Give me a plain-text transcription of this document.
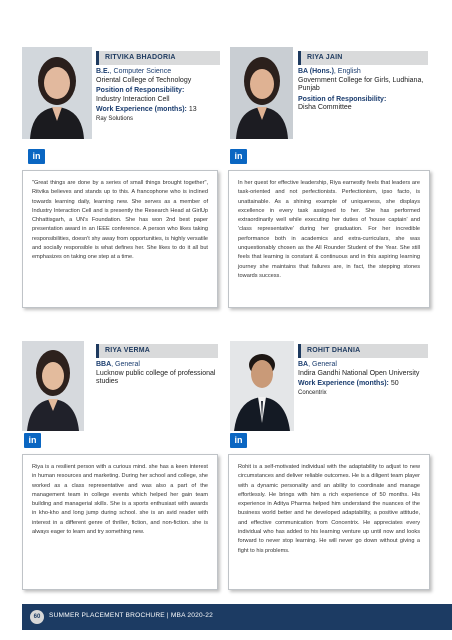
RITVIKA BHADORIA
B.E., Computer Science
Oriental College of Technology
Position of Responsibility:
Industry Interaction Cell
Work Experience (months): 13
Ray Solutions
in
"Great things are done by a series of small things brought together", Ritvika believes and stands up to this. A francophone who is inclined towards learning daily, learning new. She serves as a member of Industry Interaction Cell and is presently the Research Head at GirlUp Chhattisgarh, a UN's Foundation. She has won 2nd best paper presentation award in an IEEE conference. A person who likes taking responsibilities, doesn't shy away from opportunities, is highly versatile and socially responsible is what defines her. She likes to do it all but emphasizes on taking one step at a time.
RIYA JAIN
BA (Hons.), English
Government College for Girls, Ludhiana, Punjab
Position of Responsibility:
Disha Committee
in
In her quest for effective leadership, Riya earnestly feels that leaders are task-oriented and not perfectionists. Perfectionism, ipso facto, is unattainable. As a shining example of uniqueness, she displays excellence in every task assigned to her. She has performed extraordinarily well while executing her duties of 'house captain' and 'class representative' during her graduation. For her incredible performance both in academics and extra-curriculars, she was unquestionably chosen as the All Rounder Student of the Year. She still feels that learning is constant & continuous and in this aspiring learning journey she maintains that failures are, in fact, the stepping stones towards success.
RIYA VERMA
BBA, General
Lucknow public college of professional studies
in
Riya is a resilient person with a curious mind. she has a keen interest in human resources and marketing. During her school and college, she worked as a class representative and was also a part of the management team in college events which helped her gain team building and managerial skills. She is a sports enthusiast with awards in kho-kho and long jump during school. she is an avid reader with interest in a different genre of thriller, fiction, and non-fiction. she is always eager to learn and try something new.
ROHIT DHANIA
BA, General
Indira Gandhi National Open University
Work Experience (months): 50
Concentrix
in
Rohit is a self-motivated individual with the adaptability to adjust to new circumstances and deliver reliable outcomes. He is a diligent team player with a dynamic personality and an ability to coordinate and manage effortlessly. He brings with him a rich experience of 50 months. His experience in Aditya Pharma helped him understand the nuances of the business world better and he developed adaptability, a positive attitude, and effective communication from Concentrix. He appreciates every individual who has added to his learning venture up until now and looks forward to never stop learning. He will never go down without giving a fight to his problems.
60	SUMMER PLACEMENT BROCHURE | MBA 2020-22
